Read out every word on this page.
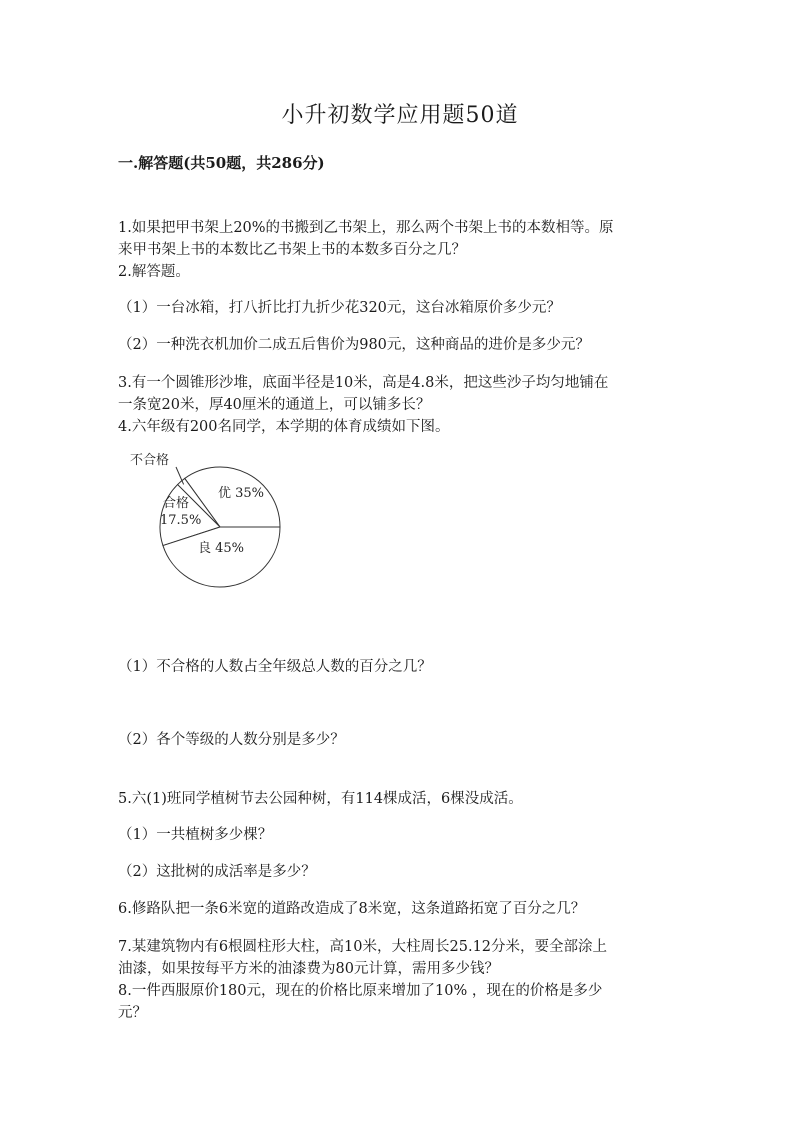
小升初数学应用题50道
一.解答题(共50题，共286分)
1.如果把甲书架上20%的书搬到乙书架上，那么两个书架上书的本数相等。原
来甲书架上书的本数比乙书架上书的本数多百分之几？
2.解答题。
（1）一台冰箱，打八折比打九折少花320元，这台冰箱原价多少元？
（2）一种洗衣机加价二成五后售价为980元，这种商品的进价是多少元？
3.有一个圆锥形沙堆，底面半径是10米，高是4.8米，把这些沙子均匀地铺在
一条宽20米，厚40厘米的通道上，可以铺多长？
4.六年级有200名同学，本学期的体育成绩如下图。
优 35%
良 45%
合格
17.5%
不合格
（1）不合格的人数占全年级总人数的百分之几？
（2）各个等级的人数分别是多少？
5.六(1)班同学植树节去公园种树，有114棵成活，6棵没成活。
（1）一共植树多少棵？
（2）这批树的成活率是多少？
6.修路队把一条6米宽的道路改造成了8米宽，这条道路拓宽了百分之几？
7.某建筑物内有6根圆柱形大柱，高10米，大柱周长25.12分米，要全部涂上
油漆，如果按每平方米的油漆费为80元计算，需用多少钱？
8.一件西服原价180元，现在的价格比原来增加了10% ，现在的价格是多少
元？
